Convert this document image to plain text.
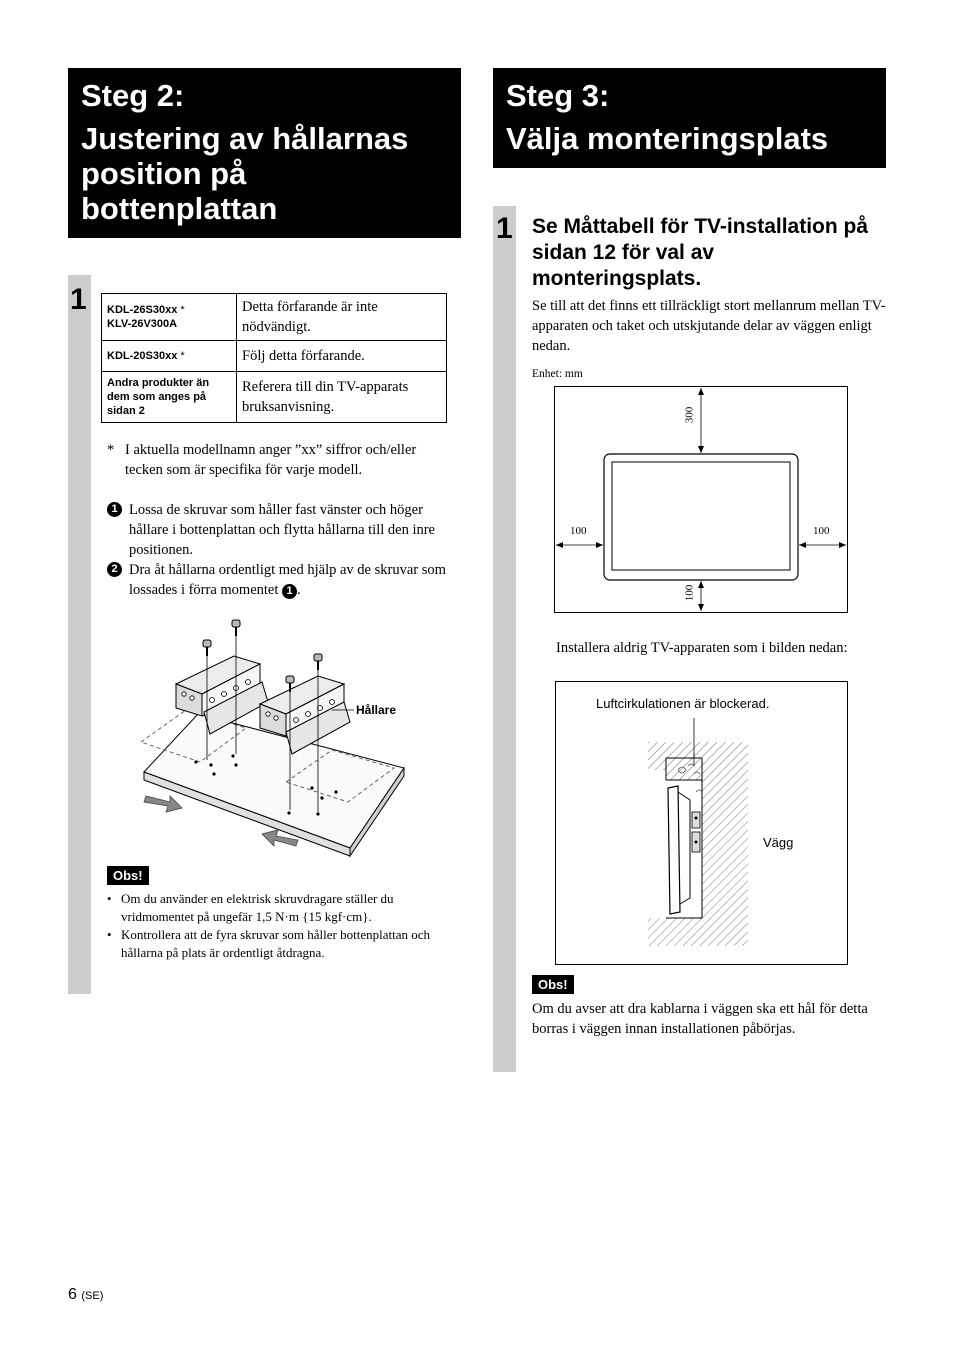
Steg 2:
Justering av hållarnas position på bottenplattan
1 KDL-26S30xx *
KLV-26V300A	Detta förfarande är inte nödvändigt.
KDL-20S30xx *	Följ detta förfarande.
Andra produkter än dem som anges på sidan 2	Referera till din TV-apparats bruksanvisning.
* I aktuella modellnamn anger ”xx” siffror och/eller tecken som är specifika för varje modell.
1 Lossa de skruvar som håller fast vänster och höger hållare i bottenplattan och flytta hållarna till den inre positionen.
2 Dra åt hållarna ordentligt med hjälp av de skruvar som lossades i förra momentet 1 .
Hållare
Obs!
• Om du använder en elektrisk skruvdragare ställer du vridmomentet på ungefär 1,5 N·m {15 kgf·cm}.
• Kontrollera att de fyra skruvar som håller bottenplattan och hållarna på plats är ordentligt åtdragna.
Steg 3:
Välja monteringsplats
1 Se Måttabell för TV-installation på sidan 12 för val av monteringsplats.
Se till att det finns ett tillräckligt stort mellanrum mellan TV-apparaten och taket och utskjutande delar av väggen enligt nedan.
Enhet: mm
300
100	100
100
Installera aldrig TV-apparaten som i bilden nedan:
Luftcirkulationen är blockerad.
Vägg
Obs!
Om du avser att dra kablarna i väggen ska ett hål för detta borras i väggen innan installationen påbörjas.
6 (SE)
